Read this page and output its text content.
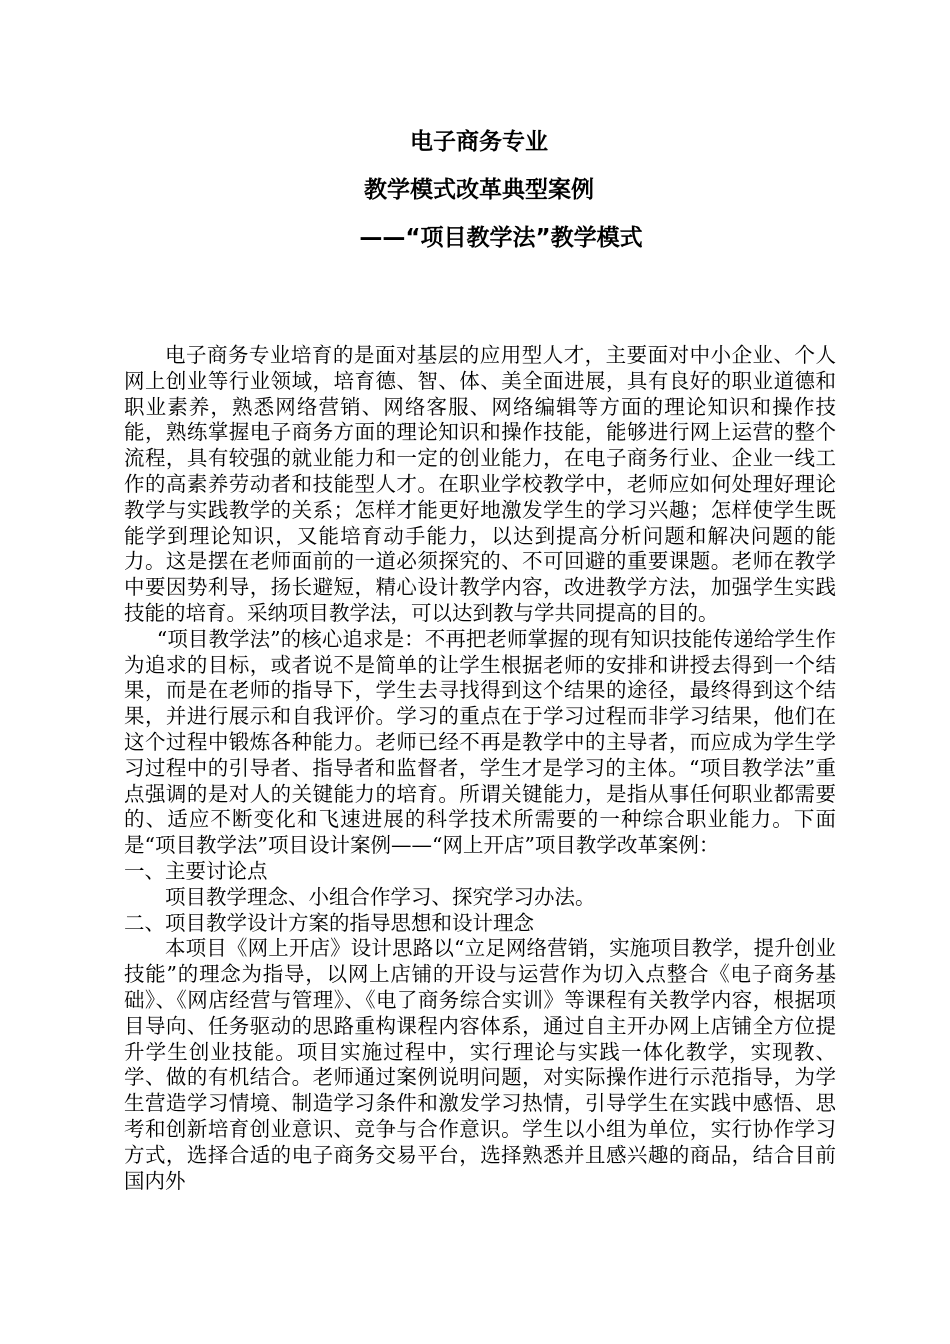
电子商务专业
教学模式改革典型案例
——“项目教学法”教学模式

电子商务专业培育的是面对基层的应用型人才，主要面对中小企业、个人网上创业等行业领域，培育德、智、体、美全面进展，具有良好的职业道德和职业素养，熟悉网络营销、网络客服、网络编辑等方面的理论知识和操作技能，熟练掌握电子商务方面的理论知识和操作技能，能够进行网上运营的整个流程，具有较强的就业能力和一定的创业能力，在电子商务行业、企业一线工作的高素养劳动者和技能型人才。在职业学校教学中，老师应如何处理好理论教学与实践教学的关系；怎样才能更好地激发学生的学习兴趣；怎样使学生既能学到理论知识，又能培育动手能力，以达到提高分析问题和解决问题的能力。这是摆在老师面前的一道必须探究的、不可回避的重要课题。老师在教学中要因势利导，扬长避短，精心设计教学内容，改进教学方法，加强学生实践技能的培育。采纳项目教学法，可以达到教与学共同提高的目的。

“项目教学法”的核心追求是：不再把老师掌握的现有知识技能传递给学生作为追求的目标，或者说不是简单的让学生根据老师的安排和讲授去得到一个结果，而是在老师的指导下，学生去寻找得到这个结果的途径，最终得到这个结果，并进行展示和自我评价。学习的重点在于学习过程而非学习结果，他们在这个过程中锻炼各种能力。老师已经不再是教学中的主导者，而应成为学生学习过程中的引导者、指导者和监督者，学生才是学习的主体。“项目教学法”重点强调的是对人的关键能力的培育。所谓关键能力，是指从事任何职业都需要的、适应不断变化和飞速进展的科学技术所需要的一种综合职业能力。下面是“项目教学法”项目设计案例——“网上开店”项目教学改革案例：

一、主要讨论点

项目教学理念、小组合作学习、探究学习办法。

二、项目教学设计方案的指导思想和设计理念

本项目《网上开店》设计思路以“立足网络营销，实施项目教学，提升创业技能”的理念为指导，以网上店铺的开设与运营作为切入点整合《电子商务基础》、《网店经营与管理》、《电了商务综合实训》等课程有关教学内容，根据项目导向、任务驱动的思路重构课程内容体系，通过自主开办网上店铺全方位提升学生创业技能。项目实施过程中，实行理论与实践一体化教学，实现教、学、做的有机结合。老师通过案例说明问题，对实际操作进行示范指导，为学生营造学习情境、制造学习条件和激发学习热情，引导学生在实践中感悟、思考和创新培育创业意识、竞争与合作意识。学生以小组为单位，实行协作学习方式，选择合适的电子商务交易平台，选择熟悉并且感兴趣的商品，结合目前国内外
